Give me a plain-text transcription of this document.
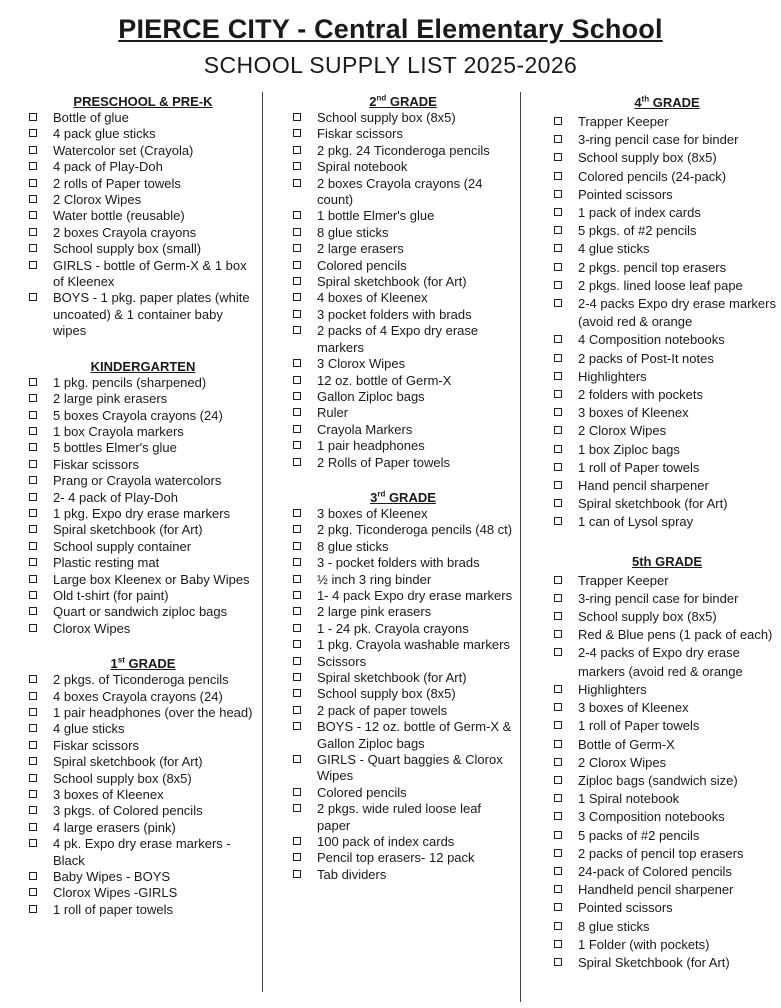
PIERCE CITY - Central Elementary School
SCHOOL SUPPLY LIST 2025-2026
PRESCHOOL & PRE-K
Bottle of glue
4 pack glue sticks
Watercolor set (Crayola)
4 pack of Play-Doh
2 rolls of Paper towels
2 Clorox Wipes
Water bottle (reusable)
2 boxes Crayola crayons
School supply box (small)
GIRLS - bottle of Germ-X & 1 box of Kleenex
BOYS - 1 pkg. paper plates (white uncoated) & 1 container baby wipes
KINDERGARTEN
1 pkg. pencils (sharpened)
2 large pink erasers
5 boxes Crayola crayons (24)
1 box Crayola markers
5 bottles Elmer's glue
Fiskar scissors
Prang or Crayola watercolors
2- 4 pack of Play-Doh
1 pkg. Expo dry erase markers
Spiral sketchbook (for Art)
School supply container
Plastic resting mat
Large box Kleenex or Baby Wipes
Old t-shirt (for paint)
Quart or sandwich ziploc bags
Clorox Wipes
1st GRADE
2 pkgs. of Ticonderoga pencils
4 boxes Crayola crayons (24)
1 pair headphones (over the head)
4 glue sticks
Fiskar scissors
Spiral sketchbook (for Art)
School supply box (8x5)
3 boxes of Kleenex
3 pkgs. of Colored pencils
4 large erasers (pink)
4 pk. Expo dry erase markers -Black
Baby Wipes - BOYS
Clorox Wipes -GIRLS
1 roll of paper towels
2nd GRADE
School supply box (8x5)
Fiskar scissors
2 pkg. 24 Ticonderoga pencils
Spiral notebook
2 boxes Crayola crayons (24 count)
1 bottle Elmer's glue
8 glue sticks
2 large erasers
Colored pencils
Spiral sketchbook (for Art)
4 boxes of Kleenex
3 pocket folders with brads
2 packs of 4 Expo dry erase markers
3 Clorox Wipes
12 oz. bottle of Germ-X
Gallon Ziploc bags
Ruler
Crayola Markers
1 pair headphones
2 Rolls of Paper towels
3rd GRADE
3 boxes of Kleenex
2 pkg. Ticonderoga pencils (48 ct)
8 glue sticks
3 - pocket folders with brads
½ inch 3 ring binder
1- 4 pack Expo dry erase markers
2 large pink erasers
1 - 24 pk. Crayola crayons
1 pkg. Crayola washable markers
Scissors
Spiral sketchbook (for Art)
School supply box (8x5)
2 pack of paper towels
BOYS - 12 oz. bottle of Germ-X & Gallon Ziploc bags
GIRLS - Quart baggies & Clorox Wipes
Colored pencils
2 pkgs. wide ruled loose leaf paper
100 pack of index cards
Pencil top erasers- 12 pack
Tab dividers
4th GRADE
Trapper Keeper
3-ring pencil case for binder
School supply box (8x5)
Colored pencils (24-pack)
Pointed scissors
1 pack of index cards
5 pkgs. of #2 pencils
4 glue sticks
2 pkgs. pencil top erasers
2 pkgs. lined loose leaf pape
2-4 packs Expo dry erase markers (avoid red & orange
4 Composition notebooks
2 packs of Post-It notes
Highlighters
2 folders with pockets
3 boxes of Kleenex
2 Clorox Wipes
1 box Ziploc bags
1 roll of Paper towels
Hand pencil sharpener
Spiral sketchbook (for Art)
1 can of Lysol spray
5th GRADE
Trapper Keeper
3-ring pencil case for binder
School supply box (8x5)
Red & Blue pens (1 pack of each)
2-4 packs of Expo dry erase markers (avoid red & orange
Highlighters
3 boxes of Kleenex
1 roll of Paper towels
Bottle of Germ-X
2 Clorox Wipes
Ziploc bags (sandwich size)
1 Spiral notebook
3 Composition notebooks
5 packs of #2 pencils
2 packs of pencil top erasers
24-pack of Colored pencils
Handheld pencil sharpener
Pointed scissors
8 glue sticks
1 Folder (with pockets)
Spiral Sketchbook (for Art)
